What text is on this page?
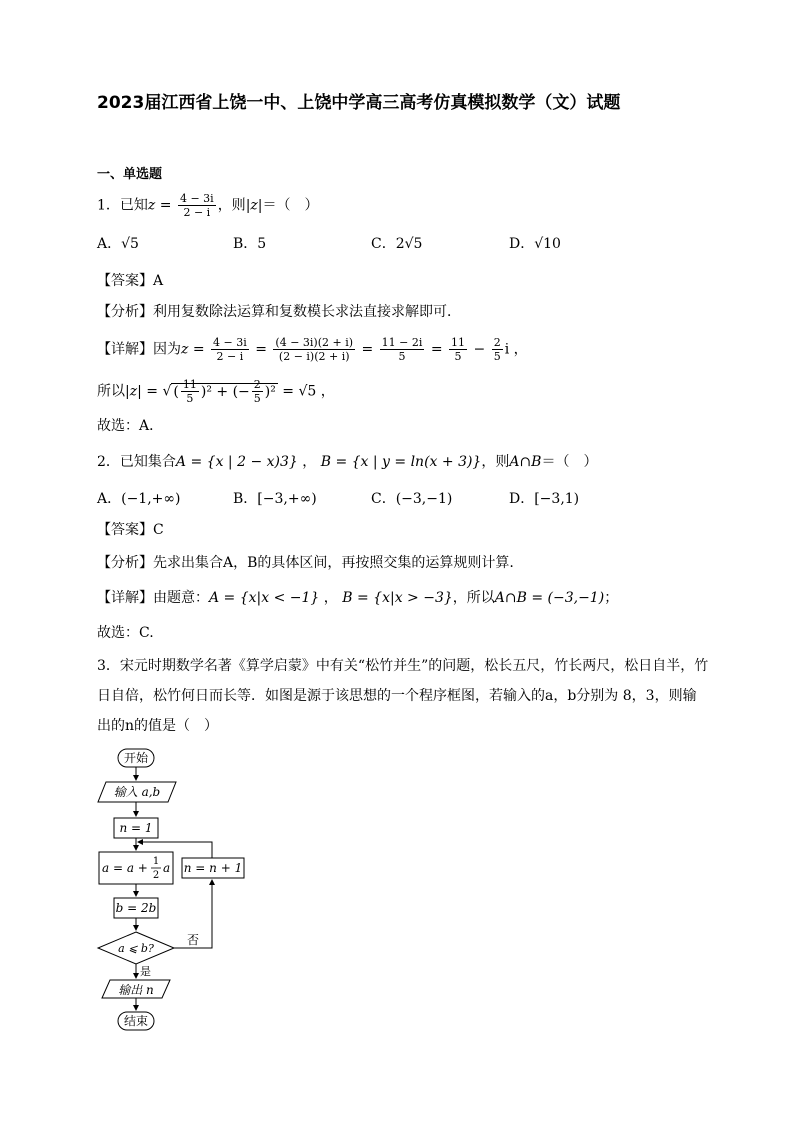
2023届江西省上饶一中、上饶中学高三高考仿真模拟数学（文）试题
一、单选题
1．已知$z = \frac{4 - 3i}{2 - i}$ ，则|z|＝（　）
A．√5	B．5	C．2√5	D．√10
【答案】A
【分析】利用复数除法运算和复数模长求法直接求解即可．
【详解】因为$z = \frac{4 - 3i}{2 - i} = \frac{(4 - 3i)(2 + i)}{(2 - i)(2 + i)} = \frac{11 - 2i}{5} = \frac{11}{5} - \frac{2}{5}$ i ，
所以|z| = √ ( $\frac{11}{5} )^2$ + (− $\frac{2}{5} )^2 = √5$ ，
故选：A．
2．已知集合A = {x | 2 − x)3} ， B = {x | y = ln(x + 3)}，则A∩B＝（　）
A．(−1,+∞)	B．[−3,+∞)	C．(−3,−1)	D．[−3,1)
【答案】C
【分析】先求出集合A，B的具体区间，再按照交集的运算规则计算.
【详解】由题意：A = {x|x < −1} ， B = {x|x > −3}，所以A∩B = (−3,−1)；
故选：C.
3．宋元时期数学名著《算学启蒙》中有关“松竹并生”的问题，松长五尺，竹长两尺，松日自半，竹
日自倍，松竹何日而长等．如图是源于该思想的一个程序框图，若输入的a，b分别为 8，3，则输
出的n的值是（　）
开始
输入 a,b
n = 1
a = a + 1
2
a
b = 2b
a ⩽ b?
n = n + 1
否
是
输出 n
结束
